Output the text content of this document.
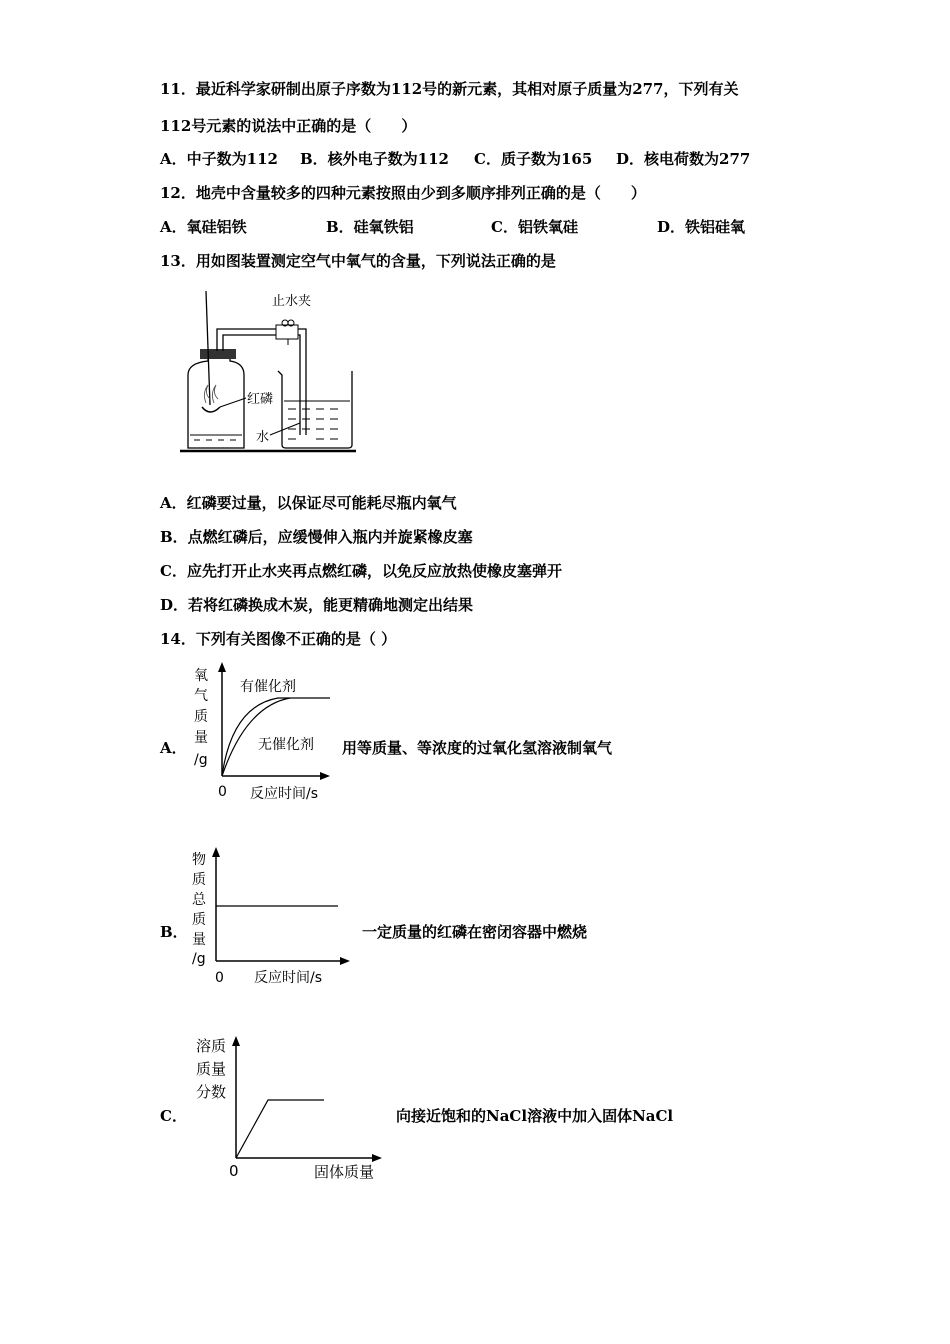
11．最近科学家研制出原子序数为112号的新元素，其相对原子质量为277，下列有关
112号元素的说法中正确的是（　　）
A．中子数为112 B．核外电子数为112 C．质子数为165 D．核电荷数为277
12．地壳中含量较多的四种元素按照由少到多顺序排列正确的是（　　）
A．氧硅铝铁	B．硅氧铁铝	C．铝铁氧硅	D．铁铝硅氧
13．用如图装置测定空气中氧气的含量，下列说法正确的是
止水夹
红磷
水
A．红磷要过量，以保证尽可能耗尽瓶内氧气
B．点燃红磷后，应缓慢伸入瓶内并旋紧橡皮塞
C．应先打开止水夹再点燃红磷，以免反应放热使橡皮塞弹开
D．若将红磷换成木炭，能更精确地测定出结果
14．下列有关图像不正确的是（ ）
A．
氧
气
质
量
/g
有催化剂
无催化剂
0 反应时间/s
用等质量、等浓度的过氧化氢溶液制氧气
B．
物
质
总
质
量
/g
0 反应时间/s
一定质量的红磷在密闭容器中燃烧
C．
溶质
质量
分数
0	固体质量
向接近饱和的NaCl溶液中加入固体NaCl
